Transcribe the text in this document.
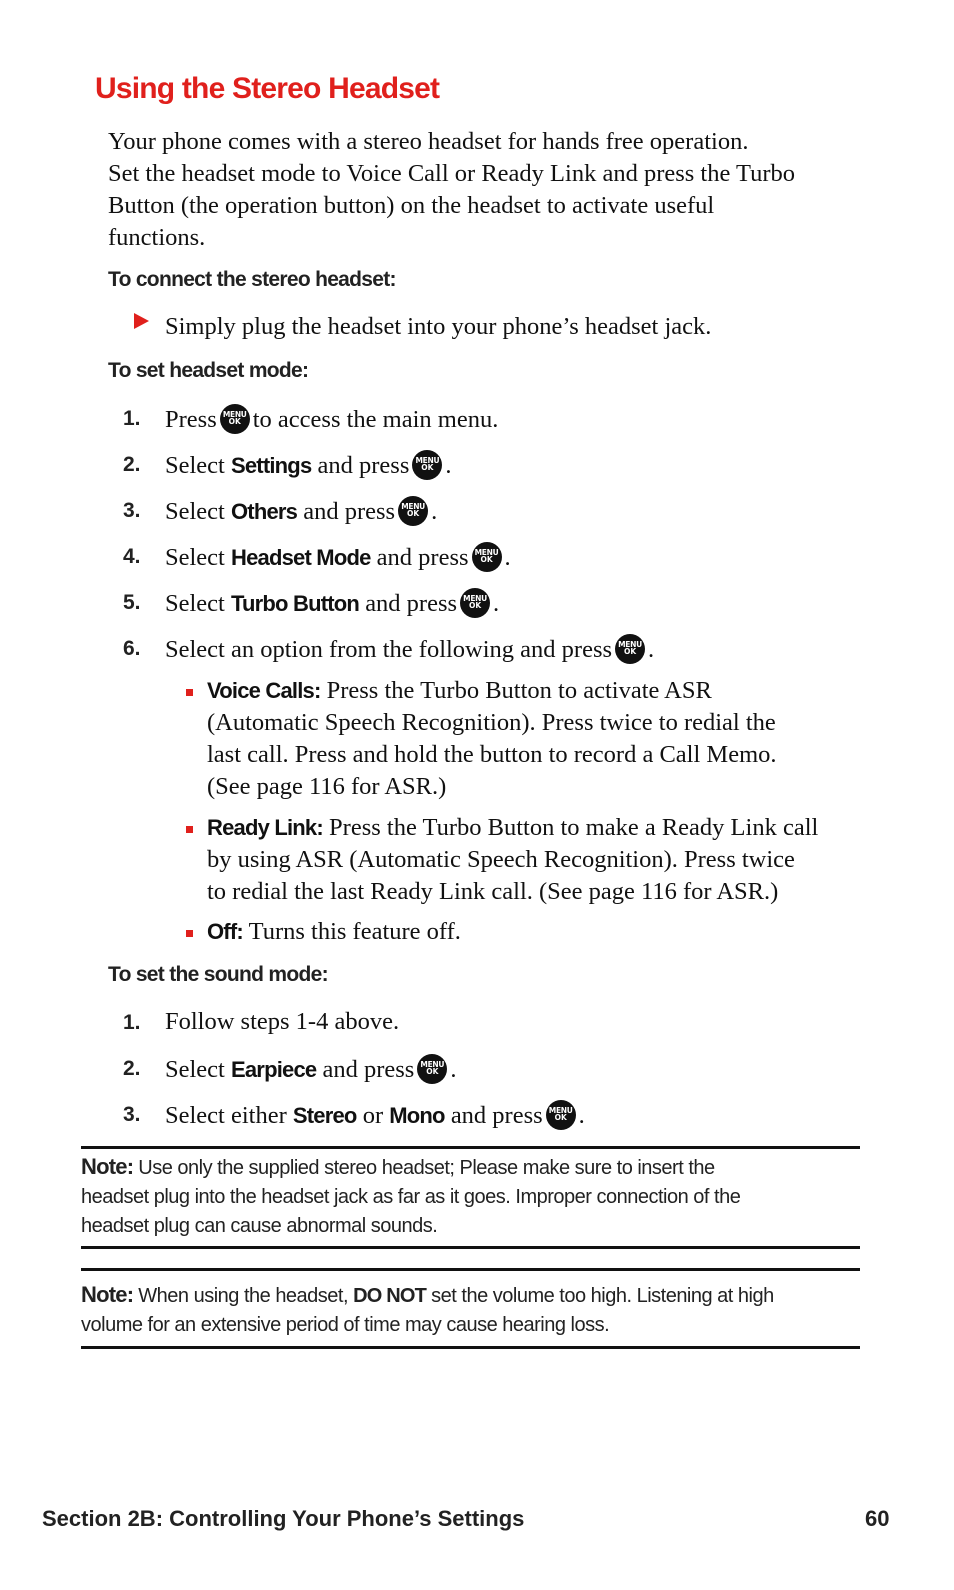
Using the Stereo Headset
Your phone comes with a stereo headset for hands free operation.
Set the headset mode to Voice Call or Ready Link and press the Turbo
Button (the operation button) on the headset to activate useful
functions.
To connect the stereo headset:
Simply plug the headset into your phone’s headset jack.
To set headset mode:
1. Press MENU
OK to access the main menu.
2. Select Settings and press MENU
OK .
3. Select Others and press MENU
OK .
4. Select Headset Mode and press MENU
OK .
5. Select Turbo Button and press MENU
OK .
6. Select an option from the following and press MENU
OK .
Voice Calls: Press the Turbo Button to activate ASR
(Automatic Speech Recognition). Press twice to redial the
last call. Press and hold the button to record a Call Memo.
(See page 116 for ASR.)
Ready Link: Press the Turbo Button to make a Ready Link call
by using ASR (Automatic Speech Recognition). Press twice
to redial the last Ready Link call. (See page 116 for ASR.)
Off: Turns this feature off.
To set the sound mode:
1. Follow steps 1-4 above.
2. Select Earpiece and press MENU
OK .
3. Select either Stereo or Mono and press MENU
OK .
Note: Use only the supplied stereo headset; Please make sure to insert the
headset plug into the headset jack as far as it goes. Improper connection of the
headset plug can cause abnormal sounds.
Note: When using the headset, DO NOT set the volume too high. Listening at high
volume for an extensive period of time may cause hearing loss.
Section 2B: Controlling Your Phone’s Settings	60
